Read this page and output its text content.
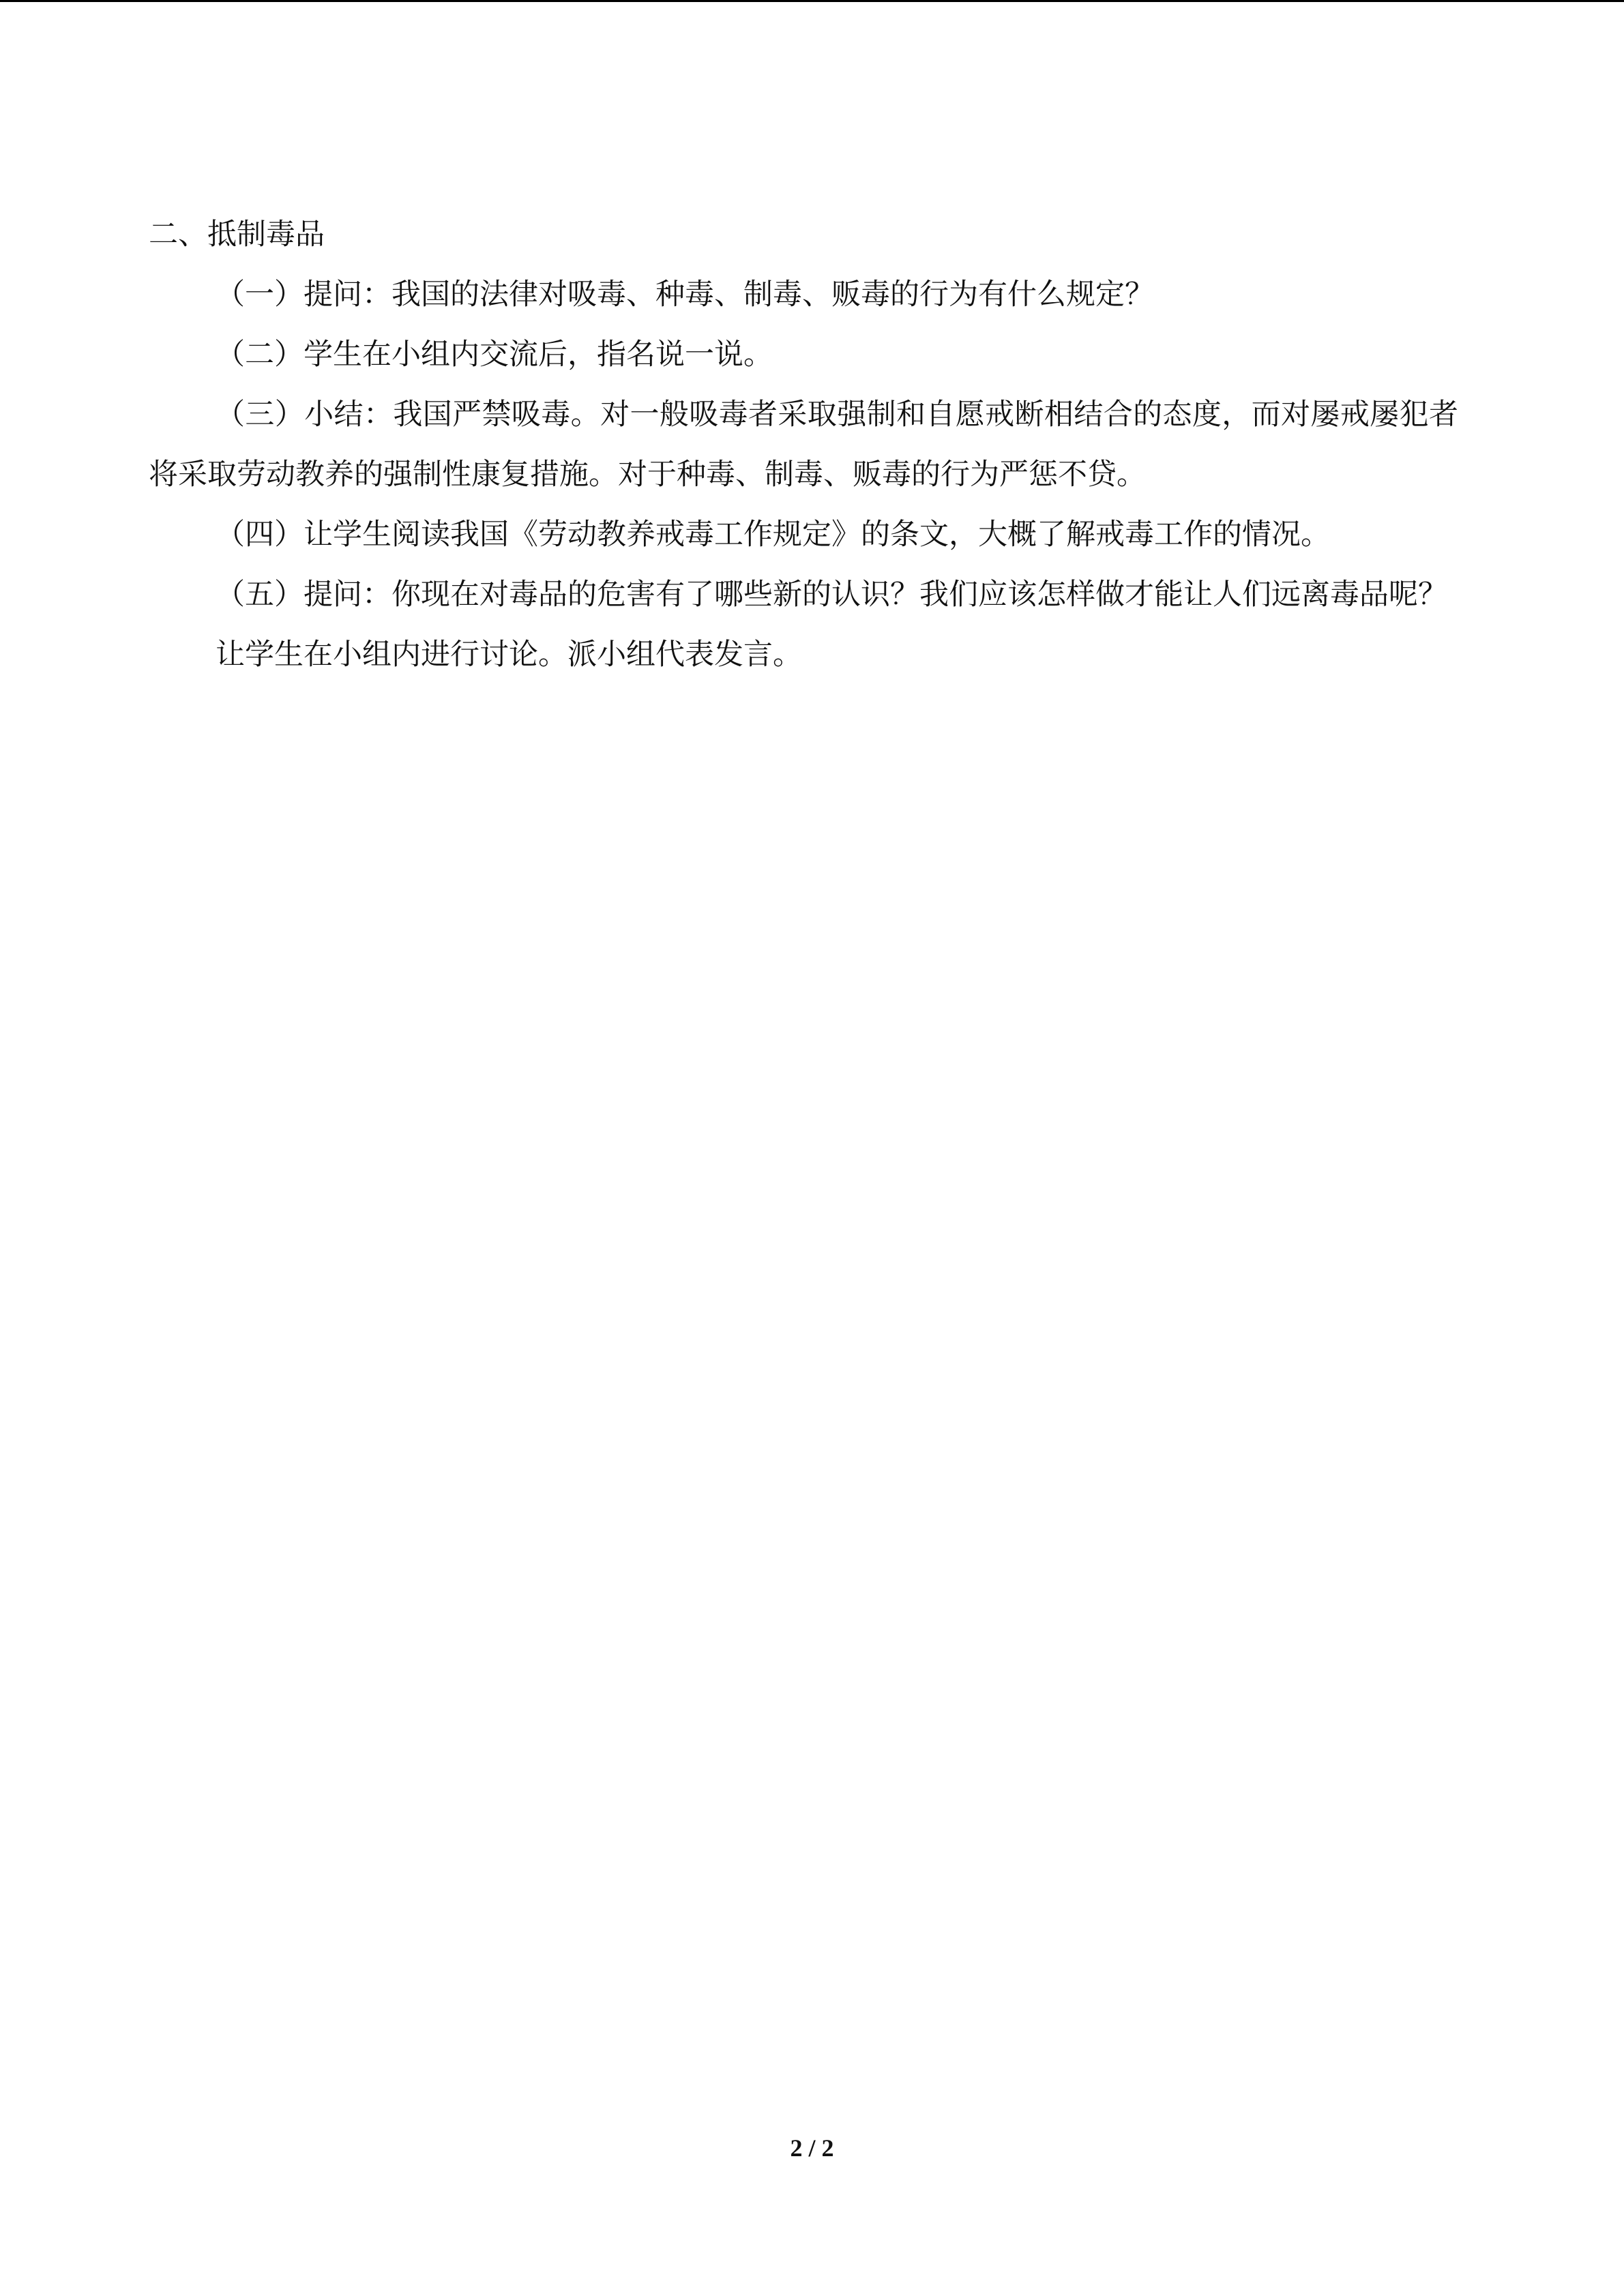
二、抵制毒品

（一）提问：我国的法律对吸毒、种毒、制毒、贩毒的行为有什么规定？

（二）学生在小组内交流后，指名说一说。

（三）小结：我国严禁吸毒。对一般吸毒者采取强制和自愿戒断相结合的态度，而对屡戒屡犯者将采取劳动教养的强制性康复措施。对于种毒、制毒、贩毒的行为严惩不贷。

（四）让学生阅读我国《劳动教养戒毒工作规定》的条文，大概了解戒毒工作的情况。

（五）提问：你现在对毒品的危害有了哪些新的认识？我们应该怎样做才能让人们远离毒品呢？

让学生在小组内进行讨论。派小组代表发言。

2 / 2
